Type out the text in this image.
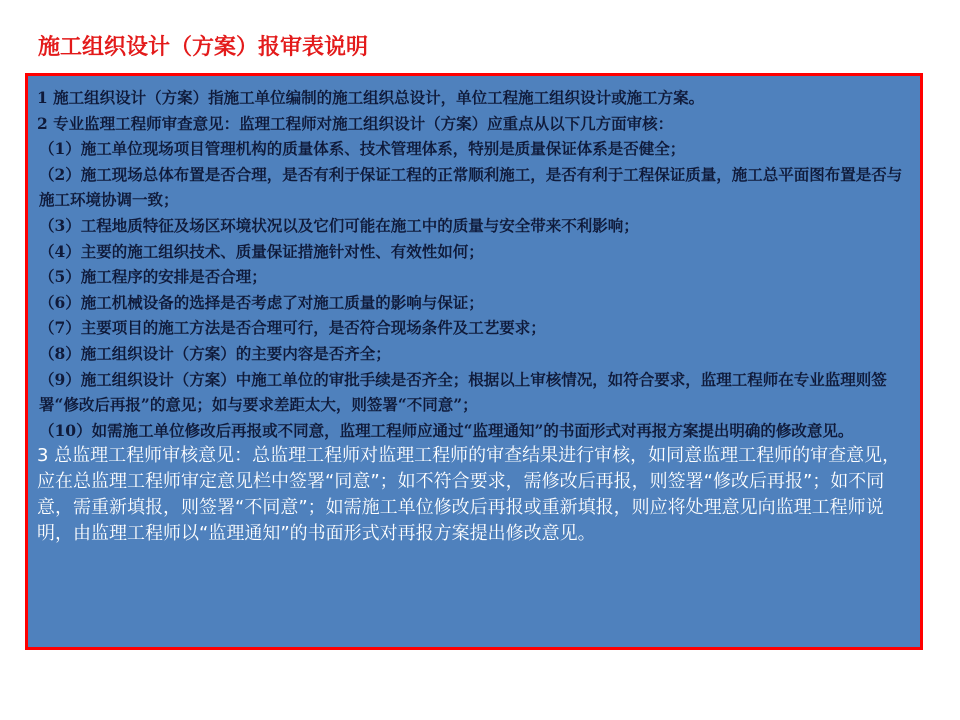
施工组织设计（方案）报审表说明

1 施工组织设计（方案）指施工单位编制的施工组织总设计，单位工程施工组织设计或施工方案。

2 专业监理工程师审查意见：监理工程师对施工组织设计（方案）应重点从以下几方面审核：

（1）施工单位现场项目管理机构的质量体系、技术管理体系，特别是质量保证体系是否健全；

（2）施工现场总体布置是否合理，是否有利于保证工程的正常顺利施工，是否有利于工程保证质量，施工总平面图布置是否与施工环境协调一致；

（3）工程地质特征及场区环境状况以及它们可能在施工中的质量与安全带来不利影响；

（4）主要的施工组织技术、质量保证措施针对性、有效性如何；

（5）施工程序的安排是否合理；

（6）施工机械设备的选择是否考虑了对施工质量的影响与保证；

（7）主要项目的施工方法是否合理可行，是否符合现场条件及工艺要求；

（8）施工组织设计（方案）的主要内容是否齐全；

（9）施工组织设计（方案）中施工单位的审批手续是否齐全；根据以上审核情况，如符合要求，监理工程师在专业监理则签署“修改后再报”的意见；如与要求差距太大，则签署“不同意”；

（10）如需施工单位修改后再报或不同意，监理工程师应通过“监理通知”的书面形式对再报方案提出明确的修改意见。

3 总监理工程师审核意见：总监理工程师对监理工程师的审查结果进行审核，如同意监理工程师的审查意见，应在总监理工程师审定意见栏中签署“同意”；如不符合要求，需修改后再报，则签署“修改后再报”；如不同意，需重新填报，则签署“不同意”；如需施工单位修改后再报或重新填报，则应将处理意见向监理工程师说明，由监理工程师以“监理通知”的书面形式对再报方案提出修改意见。
